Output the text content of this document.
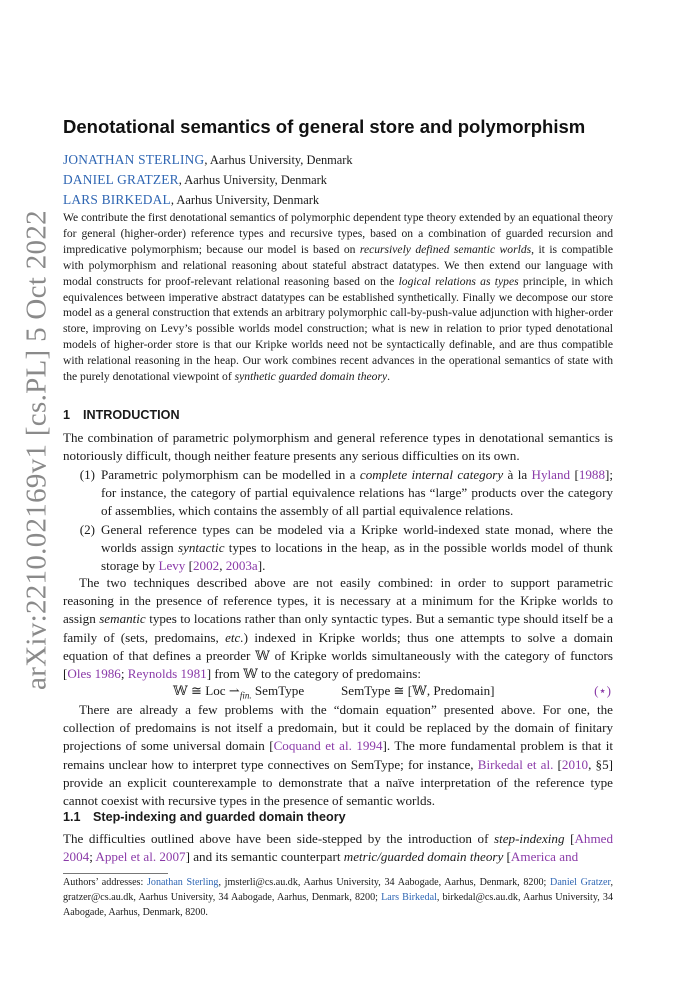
arXiv:2210.02169v1 [cs.PL] 5 Oct 2022
Denotational semantics of general store and polymorphism
JONATHAN STERLING, Aarhus University, Denmark
DANIEL GRATZER, Aarhus University, Denmark
LARS BIRKEDAL, Aarhus University, Denmark
We contribute the first denotational semantics of polymorphic dependent type theory extended by an equational theory for general (higher-order) reference types and recursive types, based on a combination of guarded recursion and impredicative polymorphism; because our model is based on recursively defined semantic worlds, it is compatible with polymorphism and relational reasoning about stateful abstract datatypes. We then extend our language with modal constructs for proof-relevant relational reasoning based on the logical relations as types principle, in which equivalences between imperative abstract datatypes can be established synthetically. Finally we decompose our store model as a general construction that extends an arbitrary polymorphic call-by-push-value adjunction with higher-order store, improving on Levy’s possible worlds model construction; what is new in relation to prior typed denotational models of higher-order store is that our Kripke worlds need not be syntactically definable, and are thus compatible with relational reasoning in the heap. Our work combines recent advances in the operational semantics of state with the purely denotational viewpoint of synthetic guarded domain theory.
1 INTRODUCTION
The combination of parametric polymorphism and general reference types in denotational semantics is notoriously difficult, though neither feature presents any serious difficulties on its own.
(1) Parametric polymorphism can be modelled in a complete internal category à la Hyland [1988]; for instance, the category of partial equivalence relations has “large” products over the category of assemblies, which contains the assembly of all partial equivalence relations.
(2) General reference types can be modeled via a Kripke world-indexed state monad, where the worlds assign syntactic types to locations in the heap, as in the possible worlds model of thunk storage by Levy [2002, 2003a].
The two techniques described above are not easily combined: in order to support parametric reasoning in the presence of reference types, it is necessary at a minimum for the Kripke worlds to assign semantic types to locations rather than only syntactic types. But a semantic type should itself be a family of (sets, predomains, etc.) indexed in Kripke worlds; thus one attempts to solve a domain equation of that defines a preorder 𝕎 of Kripke worlds simultaneously with the category of functors [Oles 1986; Reynolds 1981] from 𝕎 to the category of predomains:
𝕎 ≅ Loc $⇀_{fin.}$ SemType	SemType ≅ [𝕎, Predomain]	(⋆)
There are already a few problems with the “domain equation” presented above. For one, the collection of predomains is not itself a predomain, but it could be replaced by the domain of finitary projections of some universal domain [Coquand et al. 1994]. The more fundamental problem is that it remains unclear how to interpret type connectives on SemType; for instance, Birkedal et al. [2010, §5] provide an explicit counterexample to demonstrate that a naïve interpretation of the reference type cannot coexist with recursive types in the presence of semantic worlds.
1.1 Step-indexing and guarded domain theory
The difficulties outlined above have been side-stepped by the introduction of step-indexing [Ahmed 2004; Appel et al. 2007] and its semantic counterpart metric/guarded domain theory [America and
Authors’ addresses: Jonathan Sterling, jmsterli@cs.au.dk, Aarhus University, 34 Aabogade, Aarhus, Denmark, 8200; Daniel Gratzer, gratzer@cs.au.dk, Aarhus University, 34 Aabogade, Aarhus, Denmark, 8200; Lars Birkedal, birkedal@cs.au.dk, Aarhus University, 34 Aabogade, Aarhus, Denmark, 8200.
